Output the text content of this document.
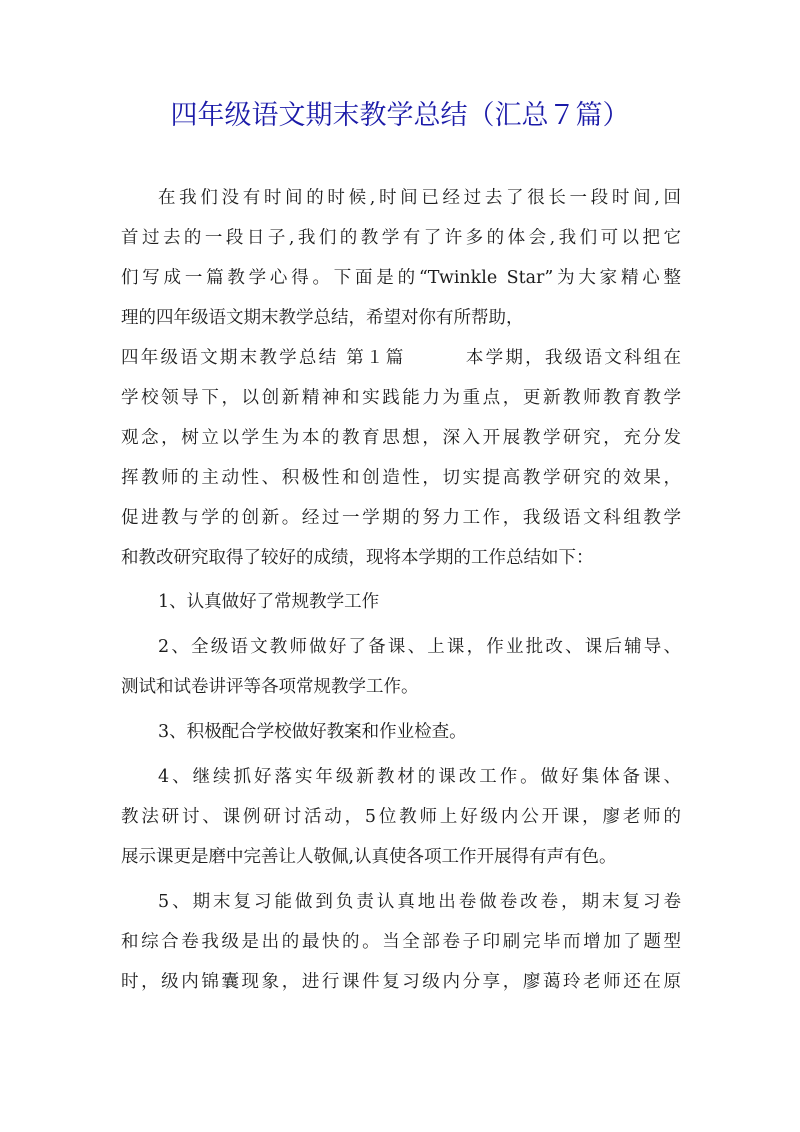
四年级语文期末教学总结（汇总７篇）

在我们没有时间的时候,时间已经过去了很长一段时间,回
首过去的一段日子,我们的教学有了许多的体会,我们可以把它
们写成一篇教学心得。下面是的“Twinkle Star”为大家精心整
理的四年级语文期末教学总结，希望对你有所帮助，

四年级语文期末教学总结 第１篇	本学期，我级语文科组在
学校领导下，以创新精神和实践能力为重点，更新教师教育教学
观念，树立以学生为本的教育思想，深入开展教学研究，充分发
挥教师的主动性、积极性和创造性，切实提高教学研究的效果，
促进教与学的创新。经过一学期的努力工作，我级语文科组教学
和教改研究取得了较好的成绩，现将本学期的工作总结如下：

1、认真做好了常规教学工作

2、全级语文教师做好了备课、上课，作业批改、课后辅导、
测试和试卷讲评等各项常规教学工作。

3、积极配合学校做好教案和作业检查。

4、继续抓好落实年级新教材的课改工作。做好集体备课、
教法研讨、课例研讨活动，5位教师上好级内公开课，廖老师的
展示课更是磨中完善让人敬佩,认真使各项工作开展得有声有色。

5、期末复习能做到负责认真地出卷做卷改卷，期末复习卷
和综合卷我级是出的最快的。当全部卷子印刷完毕而增加了题型
时，级内锦囊现象，进行课件复习级内分享，廖蔼玲老师还在原
